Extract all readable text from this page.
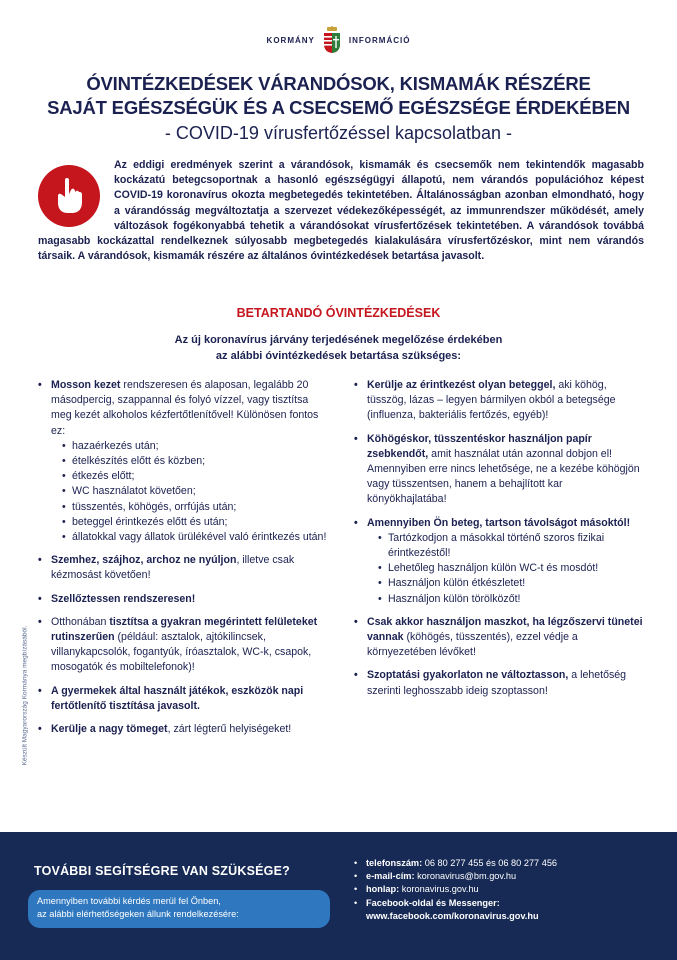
KORMÁNY	INFORMÁCIÓ
ÓVINTÉZKEDÉSEK VÁRANDÓSOK, KISMAMÁK RÉSZÉRE
SAJÁT EGÉSZSÉGÜK ÉS A CSECSEMŐ EGÉSZSÉGE ÉRDEKÉBEN
- COVID-19 vírusfertőzéssel kapcsolatban -
Az eddigi eredmények szerint a várandósok, kismamák és csecsemők nem tekintendők magasabb kockázatú betegcsoportnak a hasonló egészségügyi állapotú, nem várandós populációhoz képest COVID-19 koronavírus okozta megbetegedés tekintetében. Általánosságban azonban elmondható, hogy a várandósság megváltoztatja a szervezet védekezőképességét, az immunrendszer működését, amely változások fogékonyabbá tehetik a várandósokat vírusfertőzések tekintetében. A várandósok továbbá magasabb kockázattal rendelkeznek súlyosabb megbetegedés kialakulására vírusfertőzéskor, mint nem várandós társaik. A várandósok, kismamák részére az általános óvintézkedések betartása javasolt.
BETARTANDÓ ÓVINTÉZKEDÉSEK
Az új koronavírus járvány terjedésének megelőzése érdekében
az alábbi óvintézkedések betartása szükséges:
• Mosson kezet rendszeresen és alaposan, legalább 20 másodpercig, szappannal és folyó vízzel, vagy tisztítsa meg kezét alkoholos kézfertőtlenítővel! Különösen fontos ez:
• hazaérkezés után;
• ételkészítés előtt és közben;
• étkezés előtt;
• WC használatot követően;
• tüsszentés, köhögés, orrfújás után;
• beteggel érintkezés előtt és után;
• állatokkal vagy állatok ürülékével való érintkezés után!
• Szemhez, szájhoz, archoz ne nyúljon, illetve csak kézmosást követően!
• Szellőztessen rendszeresen!
• Otthonában tisztítsa a gyakran megérintett felületeket rutinszerűen (például: asztalok, ajtókilincsek, villanykapcsolók, fogantyúk, íróasztalok, WC-k, csapok, mosogatók és mobiltelefonok)!
• A gyermekek által használt játékok, eszközök napi fertőtlenítő tisztítása javasolt.
• Kerülje a nagy tömeget, zárt légterű helyiségeket!
• Kerülje az érintkezést olyan beteggel, aki köhög, tüsszög, lázas – legyen bármilyen okból a betegsége (influenza, bakteriális fertőzés, egyéb)!
• Köhögéskor, tüsszentéskor használjon papír zsebkendőt, amit használat után azonnal dobjon el! Amennyiben erre nincs lehetősége, ne a kezébe köhögjön vagy tüsszentsen, hanem a behajlított kar könyökhajlatába!
• Amennyiben Ön beteg, tartson távolságot másoktól!
• Tartózkodjon a másokkal történő szoros fizikai érintkezéstől!
• Lehetőleg használjon külön WC-t és mosdót!
• Használjon külön étkészletet!
• Használjon külön törölközőt!
• Csak akkor használjon maszkot, ha légzőszervi tünetei vannak (köhögés, tüsszentés), ezzel védje a környezetében lévőket!
• Szoptatási gyakorlaton ne változtasson, a lehetőség szerinti leghosszabb ideig szoptasson!
Készült Magyarország Kormánya megbízásából.
TOVÁBBI SEGÍTSÉGRE VAN SZÜKSÉGE?
Amennyiben további kérdés merül fel Önben,
az alábbi elérhetőségeken állunk rendelkezésére:
• telefonszám: 06 80 277 455 és 06 80 277 456
• e-mail-cím: koronavirus@bm.gov.hu
• honlap: koronavirus.gov.hu
• Facebook-oldal és Messenger:
www.facebook.com/koronavirus.gov.hu
